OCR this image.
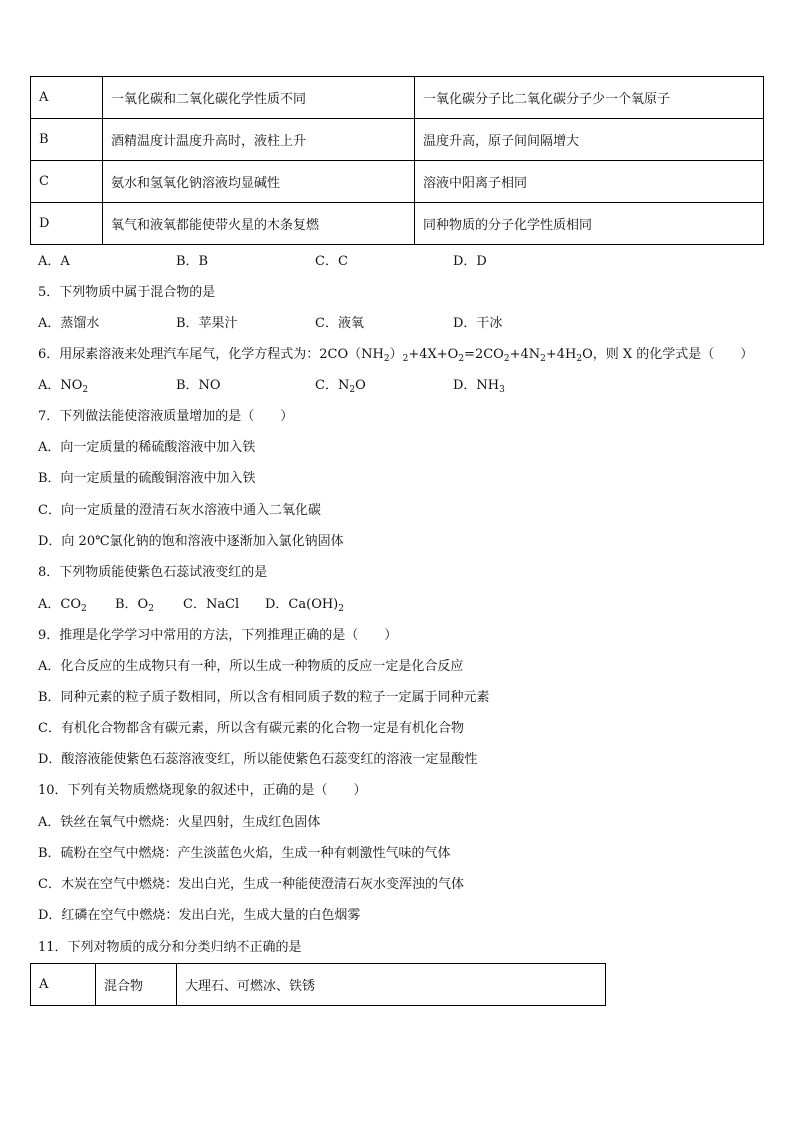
A	一氧化碳和二氧化碳化学性质不同	一氧化碳分子比二氧化碳分子少一个氧原子
B	酒精温度计温度升高时，液柱上升	温度升高，原子间间隔增大
C	氨水和氢氧化钠溶液均显碱性	溶液中阳离子相同
D	氧气和液氧都能使带火星的木条复燃	同种物质的分子化学性质相同
A．A	B．B	C．C	D．D
5．下列物质中属于混合物的是
A．蒸馏水	B．苹果汁	C．液氧	D．干冰
6．用尿素溶液来处理汽车尾气，化学方程式为：$2CO(NH_2)_2+4X+O_2=2CO_2+4N_2+4H_2O$，则 X 的化学式是（　　）
A．$NO_2$	B．NO	C．$N_2O$	D．$NH_3$
7．下列做法能使溶液质量增加的是（　　）
A．向一定质量的稀硫酸溶液中加入铁
B．向一定质量的硫酸铜溶液中加入铁
C．向一定质量的澄清石灰水溶液中通入二氧化碳
D．向 20℃氯化钠的饱和溶液中逐渐加入氯化钠固体
8．下列物质能使紫色石蕊试液变红的是
A．$CO_2$ B．$O_2$ C．NaCl D．$Ca(OH)_2$
9．推理是化学学习中常用的方法，下列推理正确的是（　　）
A．化合反应的生成物只有一种，所以生成一种物质的反应一定是化合反应
B．同种元素的粒子质子数相同，所以含有相同质子数的粒子一定属于同种元素
C．有机化合物都含有碳元素，所以含有碳元素的化合物一定是有机化合物
D．酸溶液能使紫色石蕊溶液变红，所以能使紫色石蕊变红的溶液一定显酸性
10．下列有关物质燃烧现象的叙述中，正确的是（　　）
A．铁丝在氧气中燃烧：火星四射，生成红色固体
B．硫粉在空气中燃烧：产生淡蓝色火焰，生成一种有刺激性气味的气体
C．木炭在空气中燃烧：发出白光，生成一种能使澄清石灰水变浑浊的气体
D．红磷在空气中燃烧：发出白光，生成大量的白色烟雾
11．下列对物质的成分和分类归纳不正确的是
A	混合物	大理石、可燃冰、铁锈
